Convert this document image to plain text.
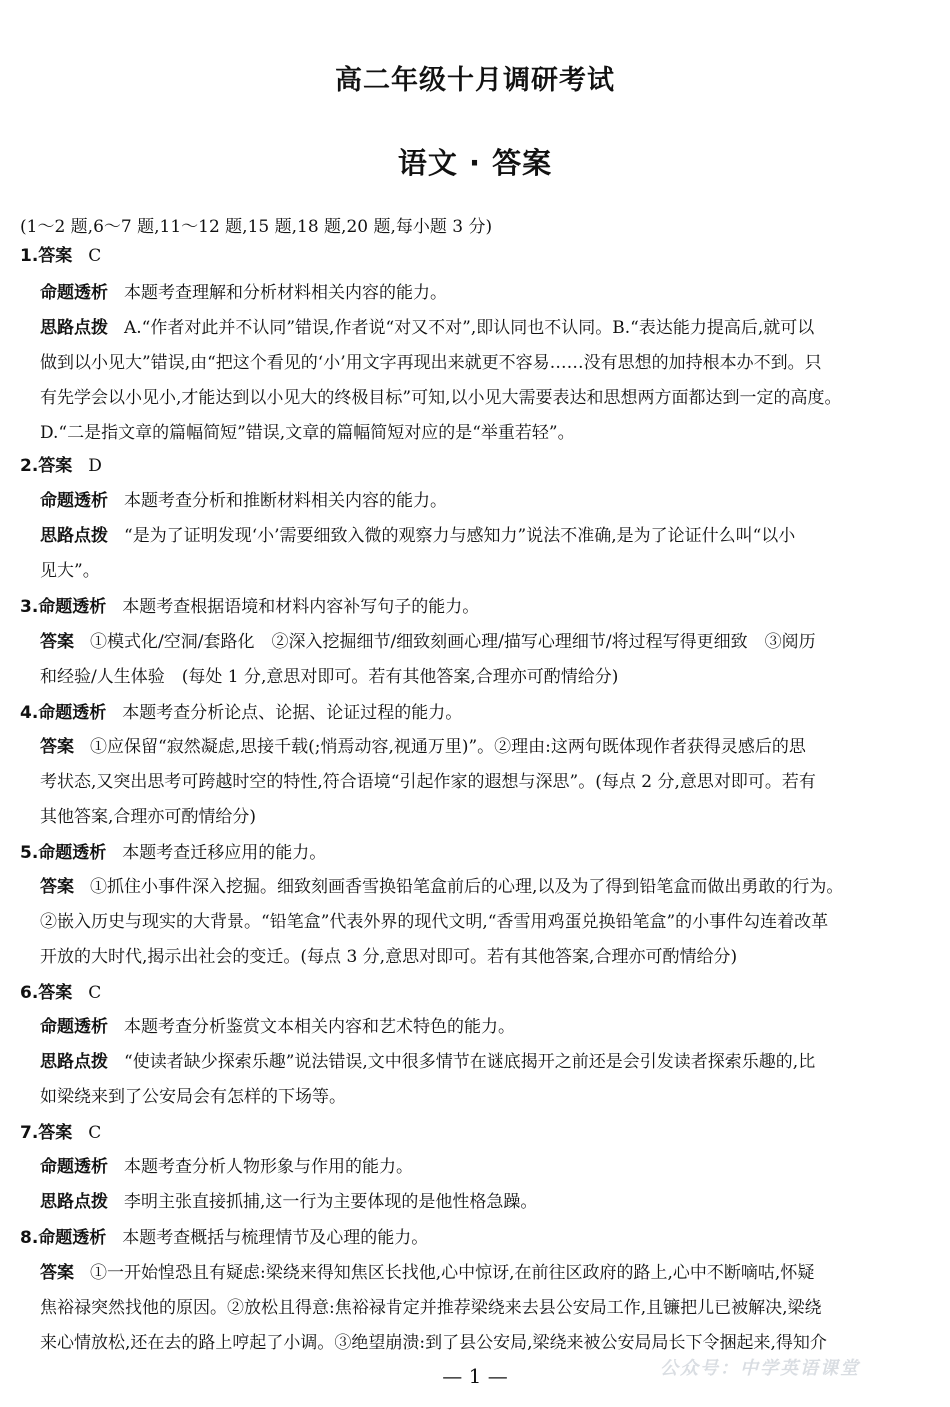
高二年级十月调研考试
语文 · 答案
(1～2 题,6～7 题,11～12 题,15 题,18 题,20 题,每小题 3 分)
1.答案 C
命题透析 本题考查理解和分析材料相关内容的能力。
思路点拨 A.“作者对此并不认同”错误,作者说“对又不对”,即认同也不认同。B.“表达能力提高后,就可以
做到以小见大”错误,由“把这个看见的‘小’用文字再现出来就更不容易……没有思想的加持根本办不到。只
有先学会以小见小,才能达到以小见大的终极目标”可知,以小见大需要表达和思想两方面都达到一定的高度。
D.“二是指文章的篇幅简短”错误,文章的篇幅简短对应的是“举重若轻”。
2.答案 D
命题透析 本题考查分析和推断材料相关内容的能力。
思路点拨 “是为了证明发现‘小’需要细致入微的观察力与感知力”说法不准确,是为了论证什么叫“以小
见大”。
3.命题透析 本题考查根据语境和材料内容补写句子的能力。
答案 ①模式化/空洞/套路化　②深入挖掘细节/细致刻画心理/描写心理细节/将过程写得更细致　③阅历
和经验/人生体验　(每处 1 分,意思对即可。若有其他答案,合理亦可酌情给分)
4.命题透析 本题考查分析论点、论据、论证过程的能力。
答案 ①应保留“寂然凝虑,思接千载(;悄焉动容,视通万里)”。②理由:这两句既体现作者获得灵感后的思
考状态,又突出思考可跨越时空的特性,符合语境“引起作家的遐想与深思”。(每点 2 分,意思对即可。若有
其他答案,合理亦可酌情给分)
5.命题透析 本题考查迁移应用的能力。
答案 ①抓住小事件深入挖掘。细致刻画香雪换铅笔盒前后的心理,以及为了得到铅笔盒而做出勇敢的行为。
②嵌入历史与现实的大背景。“铅笔盒”代表外界的现代文明,“香雪用鸡蛋兑换铅笔盒”的小事件勾连着改革
开放的大时代,揭示出社会的变迁。(每点 3 分,意思对即可。若有其他答案,合理亦可酌情给分)
6.答案 C
命题透析 本题考查分析鉴赏文本相关内容和艺术特色的能力。
思路点拨 “使读者缺少探索乐趣”说法错误,文中很多情节在谜底揭开之前还是会引发读者探索乐趣的,比
如梁绕来到了公安局会有怎样的下场等。
7.答案 C
命题透析 本题考查分析人物形象与作用的能力。
思路点拨 李明主张直接抓捕,这一行为主要体现的是他性格急躁。
8.命题透析 本题考查概括与梳理情节及心理的能力。
答案 ①一开始惶恐且有疑虑:梁绕来得知焦区长找他,心中惊讶,在前往区政府的路上,心中不断嘀咕,怀疑
焦裕禄突然找他的原因。②放松且得意:焦裕禄肯定并推荐梁绕来去县公安局工作,且镰把儿已被解决,梁绕
来心情放松,还在去的路上哼起了小调。③绝望崩溃:到了县公安局,梁绕来被公安局局长下令捆起来,得知介
公众号：中学英语课堂
— 1 —
